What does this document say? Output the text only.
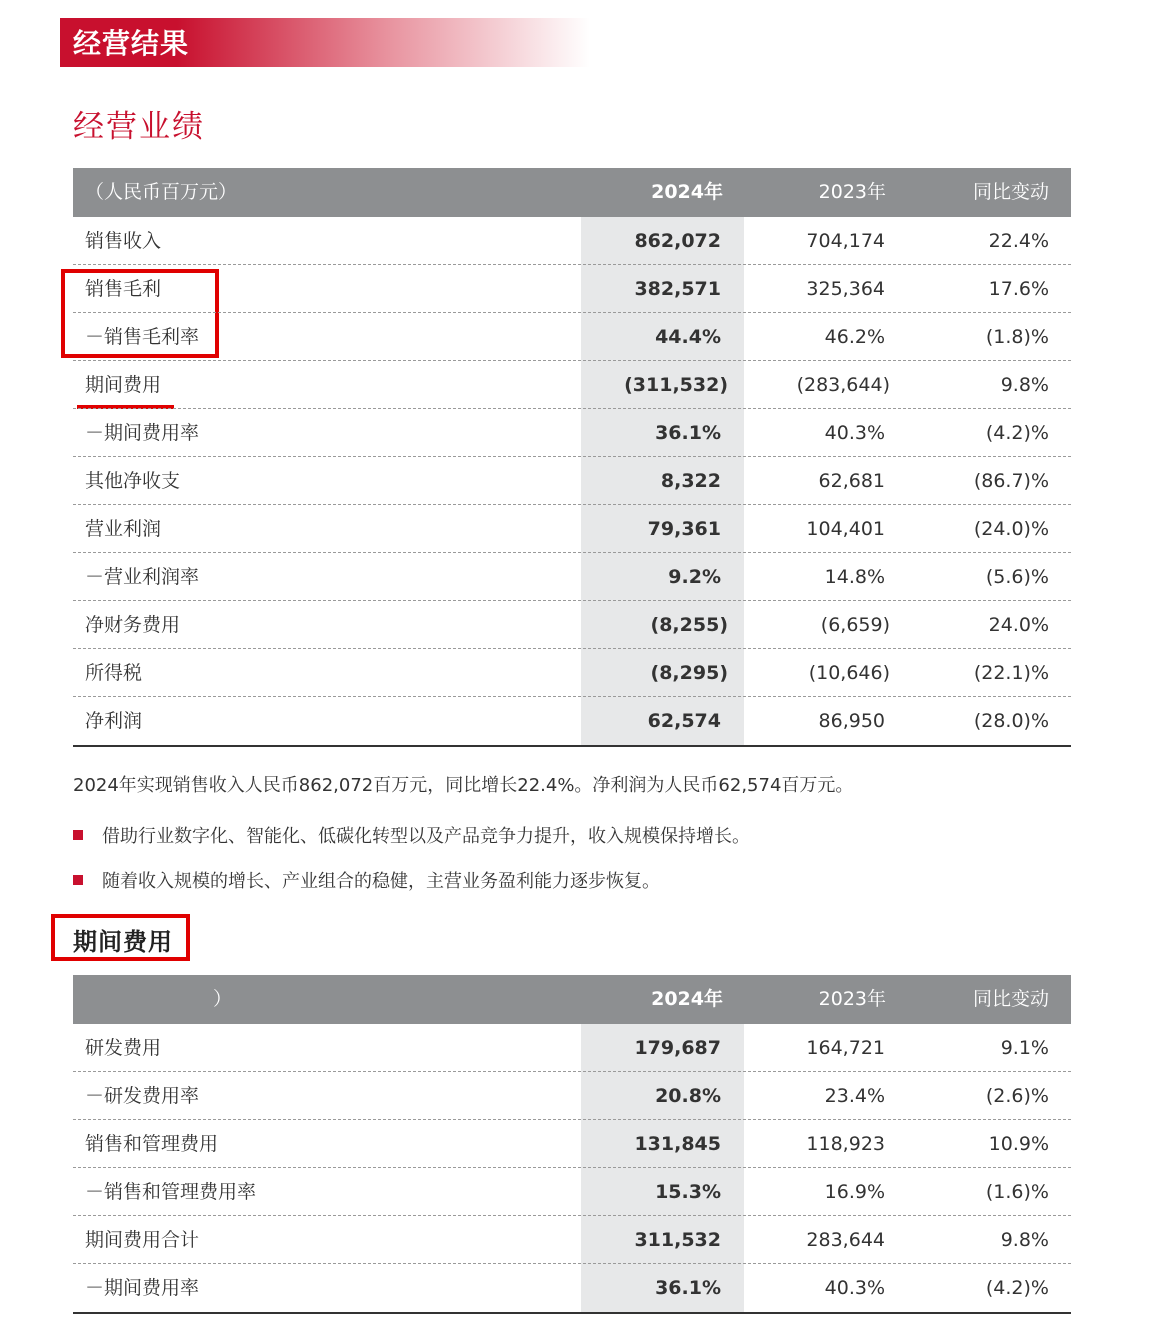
经营结果
经营业绩
（人民币百万元）	2024年	2023年	同比变动
销售收入	862,072	704,174	22.4%
销售毛利	382,571	325,364	17.6%
－销售毛利率	44.4%	46.2%	(1.8)%
期间费用	(311,532)	(283,644)	9.8%
－期间费用率	36.1%	40.3%	(4.2)%
其他净收支	8,322	62,681	(86.7)%
营业利润	79,361	104,401	(24.0)%
－营业利润率	9.2%	14.8%	(5.6)%
净财务费用	(8,255)	(6,659)	24.0%
所得税	(8,295)	(10,646)	(22.1)%
净利润	62,574	86,950	(28.0)%
2024年实现销售收入人民币862,072百万元，同比增长22.4%。净利润为人民币62,574百万元。
借助行业数字化、智能化、低碳化转型以及产品竞争力提升，收入规模保持增长。
随着收入规模的增长、产业组合的稳健，主营业务盈利能力逐步恢复。
期间费用
）	2024年	2023年	同比变动
研发费用	179,687	164,721	9.1%
－研发费用率	20.8%	23.4%	(2.6)%
销售和管理费用	131,845	118,923	10.9%
－销售和管理费用率	15.3%	16.9%	(1.6)%
期间费用合计	311,532	283,644	9.8%
－期间费用率	36.1%	40.3%	(4.2)%
